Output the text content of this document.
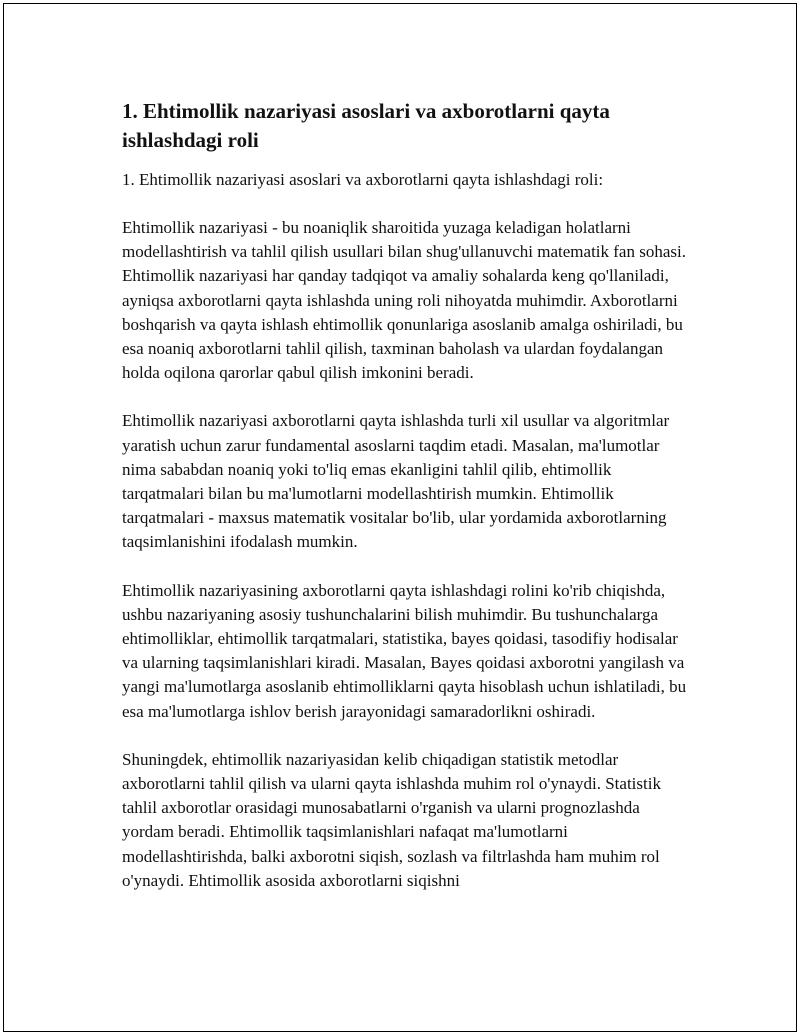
1. Ehtimollik nazariyasi asoslari va axborotlarni qayta ishlashdagi roli

1. Ehtimollik nazariyasi asoslari va axborotlarni qayta ishlashdagi roli:

Ehtimollik nazariyasi - bu noaniqlik sharoitida yuzaga keladigan holatlarni modellashtirish va tahlil qilish usullari bilan shug'ullanuvchi matematik fan sohasi. Ehtimollik nazariyasi har qanday tadqiqot va amaliy sohalarda keng qo'llaniladi, ayniqsa axborotlarni qayta ishlashda uning roli nihoyatda muhimdir. Axborotlarni boshqarish va qayta ishlash ehtimollik qonunlariga asoslanib amalga oshiriladi, bu esa noaniq axborotlarni tahlil qilish, taxminan baholash va ulardan foydalangan holda oqilona qarorlar qabul qilish imkonini beradi.

Ehtimollik nazariyasi axborotlarni qayta ishlashda turli xil usullar va algoritmlar yaratish uchun zarur fundamental asoslarni taqdim etadi. Masalan, ma'lumotlar nima sababdan noaniq yoki to'liq emas ekanligini tahlil qilib, ehtimollik tarqatmalari bilan bu ma'lumotlarni modellashtirish mumkin. Ehtimollik tarqatmalari - maxsus matematik vositalar bo'lib, ular yordamida axborotlarning taqsimlanishini ifodalash mumkin.

Ehtimollik nazariyasining axborotlarni qayta ishlashdagi rolini ko'rib chiqishda, ushbu nazariyaning asosiy tushunchalarini bilish muhimdir. Bu tushunchalarga ehtimolliklar, ehtimollik tarqatmalari, statistika, bayes qoidasi, tasodifiy hodisalar va ularning taqsimlanishlari kiradi. Masalan, Bayes qoidasi axborotni yangilash va yangi ma'lumotlarga asoslanib ehtimolliklarni qayta hisoblash uchun ishlatiladi, bu esa ma'lumotlarga ishlov berish jarayonidagi samaradorlikni oshiradi.

Shuningdek, ehtimollik nazariyasidan kelib chiqadigan statistik metodlar axborotlarni tahlil qilish va ularni qayta ishlashda muhim rol o'ynaydi. Statistik tahlil axborotlar orasidagi munosabatlarni o'rganish va ularni prognozlashda yordam beradi. Ehtimollik taqsimlanishlari nafaqat ma'lumotlarni modellashtirishda, balki axborotni siqish, sozlash va filtrlashda ham muhim rol o'ynaydi. Ehtimollik asosida axborotlarni siqishni
